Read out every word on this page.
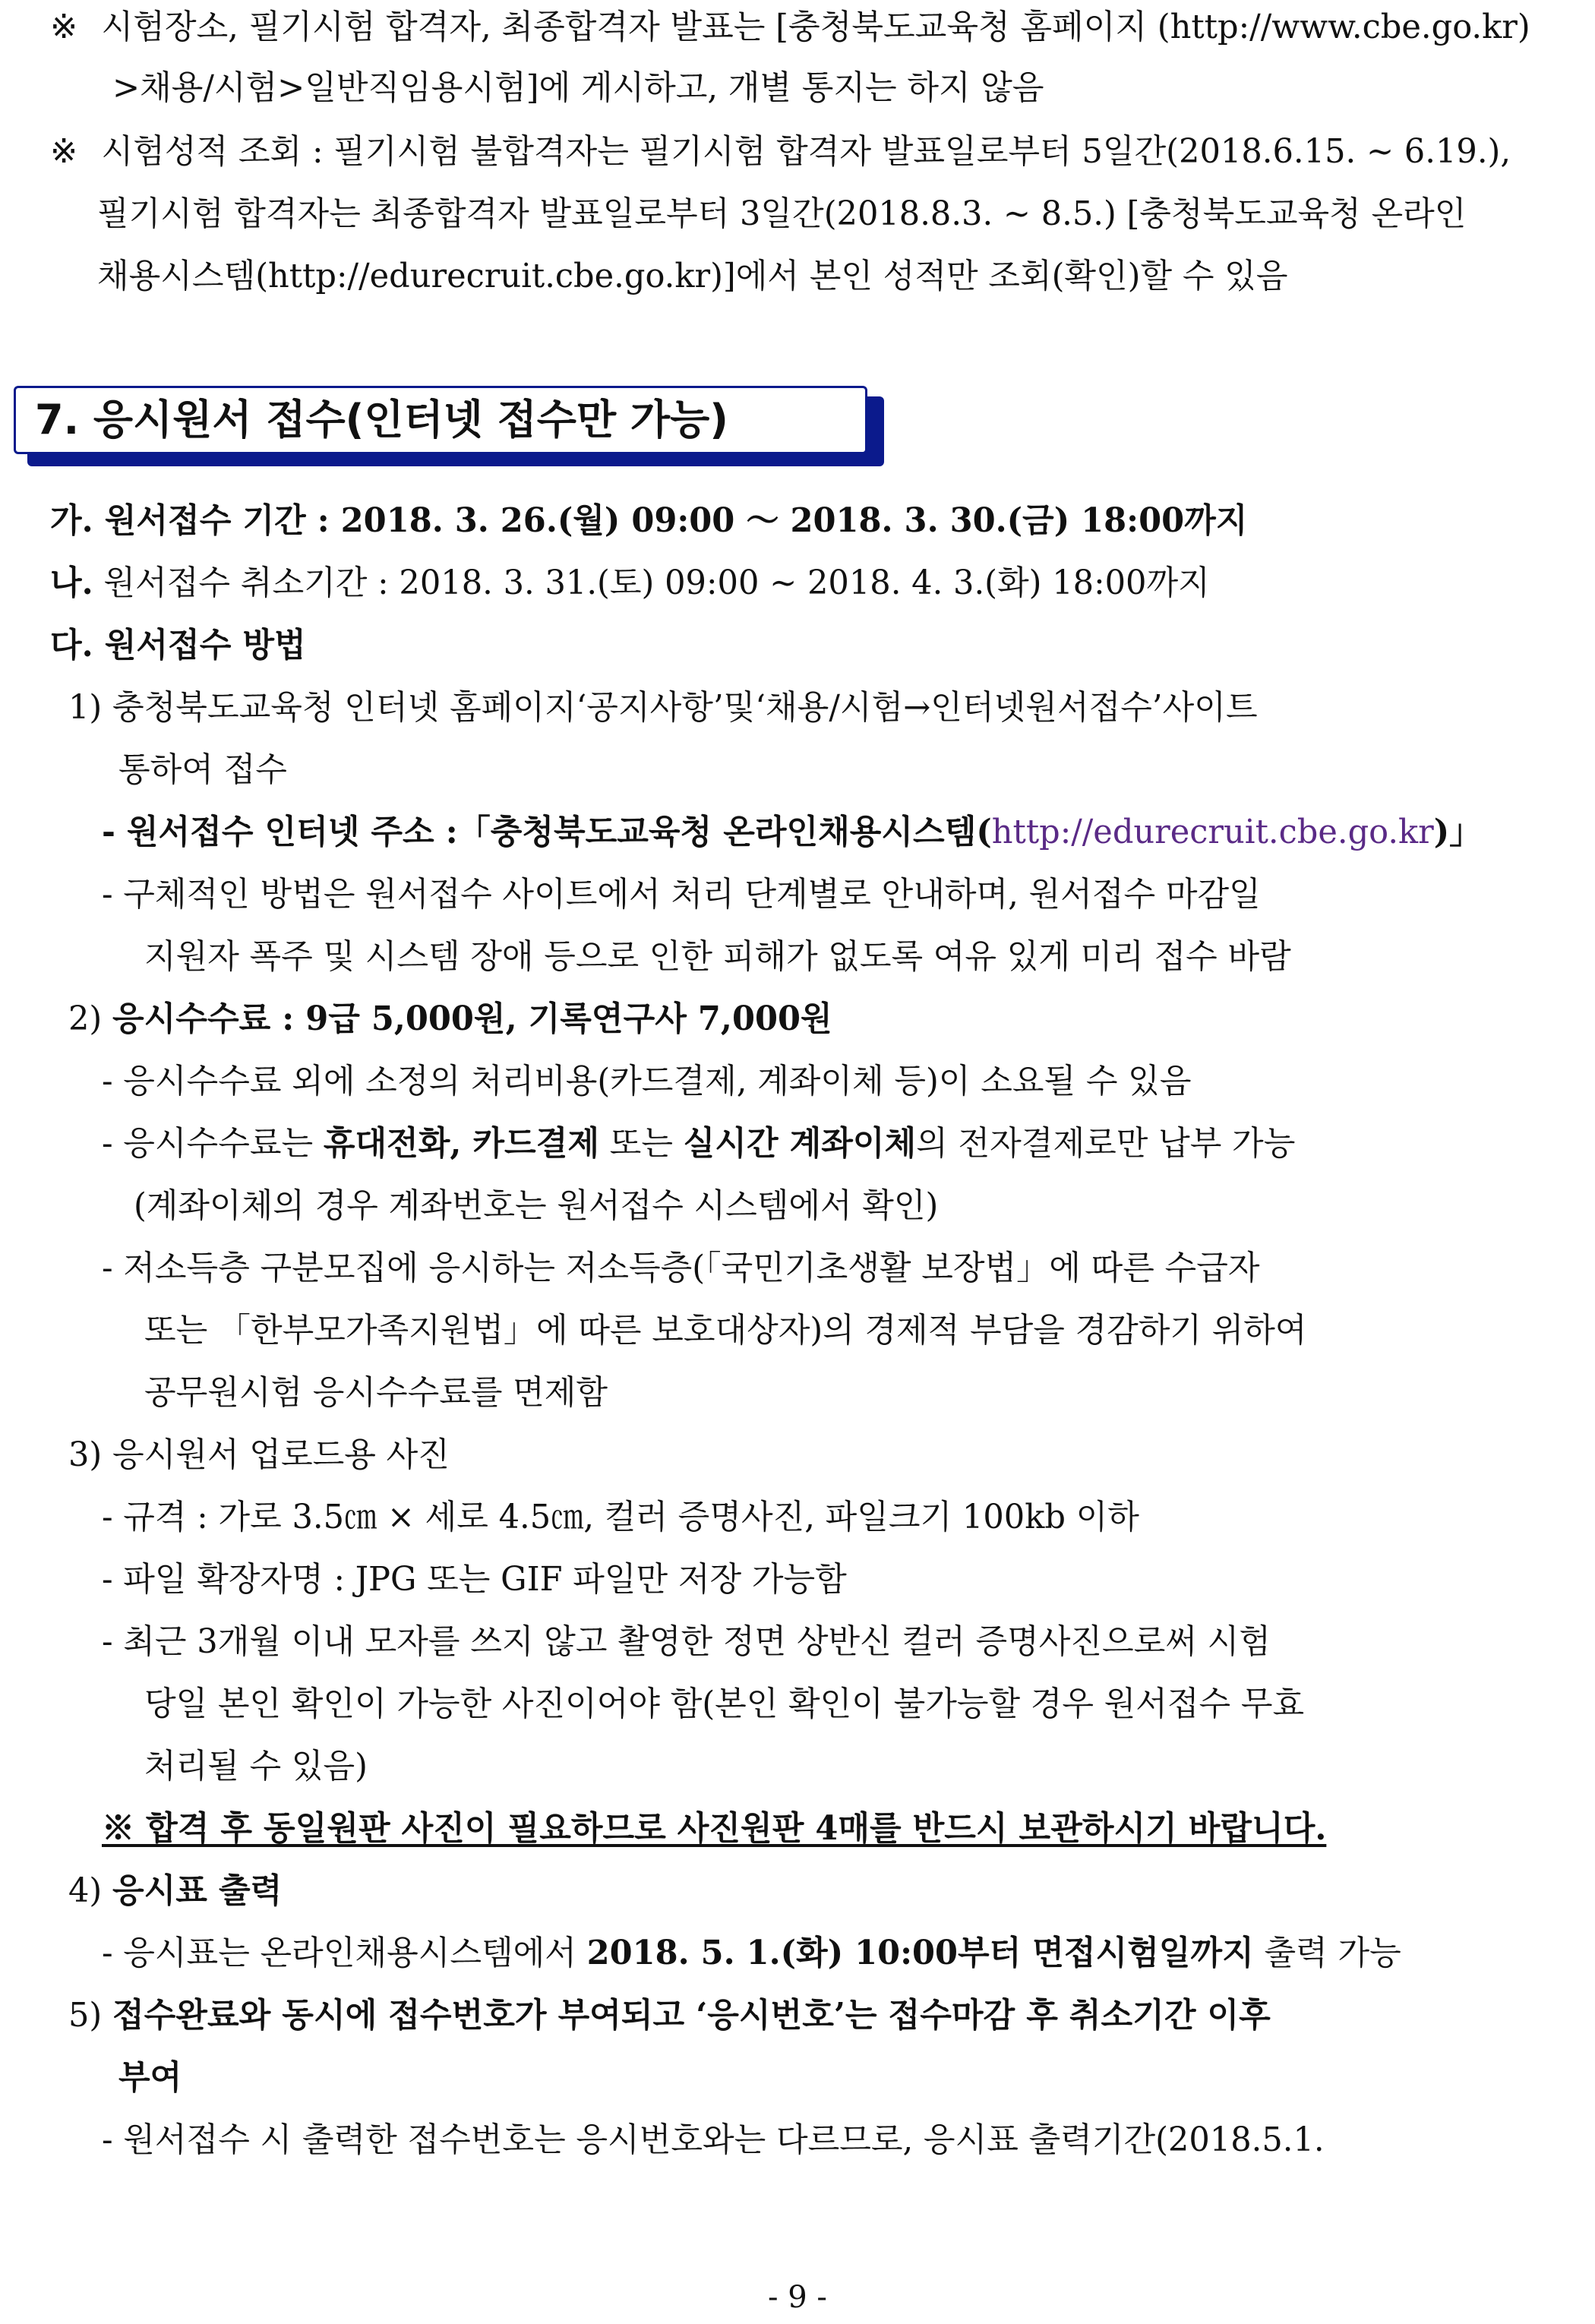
※ 시험장소, 필기시험 합격자, 최종합격자 발표는 [충청북도교육청 홈페이지 (http://www.cbe.go.kr)
>채용/시험>일반직임용시험]에 게시하고, 개별 통지는 하지 않음
※ 시험성적 조회 : 필기시험 불합격자는 필기시험 합격자 발표일로부터 5일간(2018.6.15. ~ 6.19.),
필기시험 합격자는 최종합격자 발표일로부터 3일간(2018.8.3. ~ 8.5.) [충청북도교육청 온라인
채용시스템(http://edurecruit.cbe.go.kr)]에서 본인 성적만 조회(확인)할 수 있음
7. 응시원서 접수(인터넷 접수만 가능)
가. 원서접수 기간 : 2018. 3. 26.(월) 09:00 ～ 2018. 3. 30.(금) 18:00까지
나. 원서접수 취소기간 : 2018. 3. 31.(토) 09:00 ~ 2018. 4. 3.(화) 18:00까지
다. 원서접수 방법
1) 충청북도교육청 인터넷 홈페이지‘공지사항’및‘채용/시험→인터넷원서접수’사이트
통하여 접수
- 원서접수 인터넷 주소 :「충청북도교육청 온라인채용시스템(http://edurecruit.cbe.go.kr)」
- 구체적인 방법은 원서접수 사이트에서 처리 단계별로 안내하며, 원서접수 마감일
지원자 폭주 및 시스템 장애 등으로 인한 피해가 없도록 여유 있게 미리 접수 바람
2) 응시수수료 : 9급 5,000원, 기록연구사 7,000원
- 응시수수료 외에 소정의 처리비용(카드결제, 계좌이체 등)이 소요될 수 있음
- 응시수수료는 휴대전화, 카드결제 또는 실시간 계좌이체의 전자결제로만 납부 가능
(계좌이체의 경우 계좌번호는 원서접수 시스템에서 확인)
- 저소득층 구분모집에 응시하는 저소득층(「국민기초생활 보장법」에 따른 수급자
또는 「한부모가족지원법」에 따른 보호대상자)의 경제적 부담을 경감하기 위하여
공무원시험 응시수수료를 면제함
3) 응시원서 업로드용 사진
- 규격 : 가로 3.5㎝ × 세로 4.5㎝, 컬러 증명사진, 파일크기 100kb 이하
- 파일 확장자명 : JPG 또는 GIF 파일만 저장 가능함
- 최근 3개월 이내 모자를 쓰지 않고 촬영한 정면 상반신 컬러 증명사진으로써 시험
당일 본인 확인이 가능한 사진이어야 함(본인 확인이 불가능할 경우 원서접수 무효
처리될 수 있음)
※ 합격 후 동일원판 사진이 필요하므로 사진원판 4매를 반드시 보관하시기 바랍니다.
4) 응시표 출력
- 응시표는 온라인채용시스템에서 2018. 5. 1.(화) 10:00부터 면접시험일까지 출력 가능
5) 접수완료와 동시에 접수번호가 부여되고 ‘응시번호’는 접수마감 후 취소기간 이후
부여
- 원서접수 시 출력한 접수번호는 응시번호와는 다르므로, 응시표 출력기간(2018.5.1.
- 9 -
